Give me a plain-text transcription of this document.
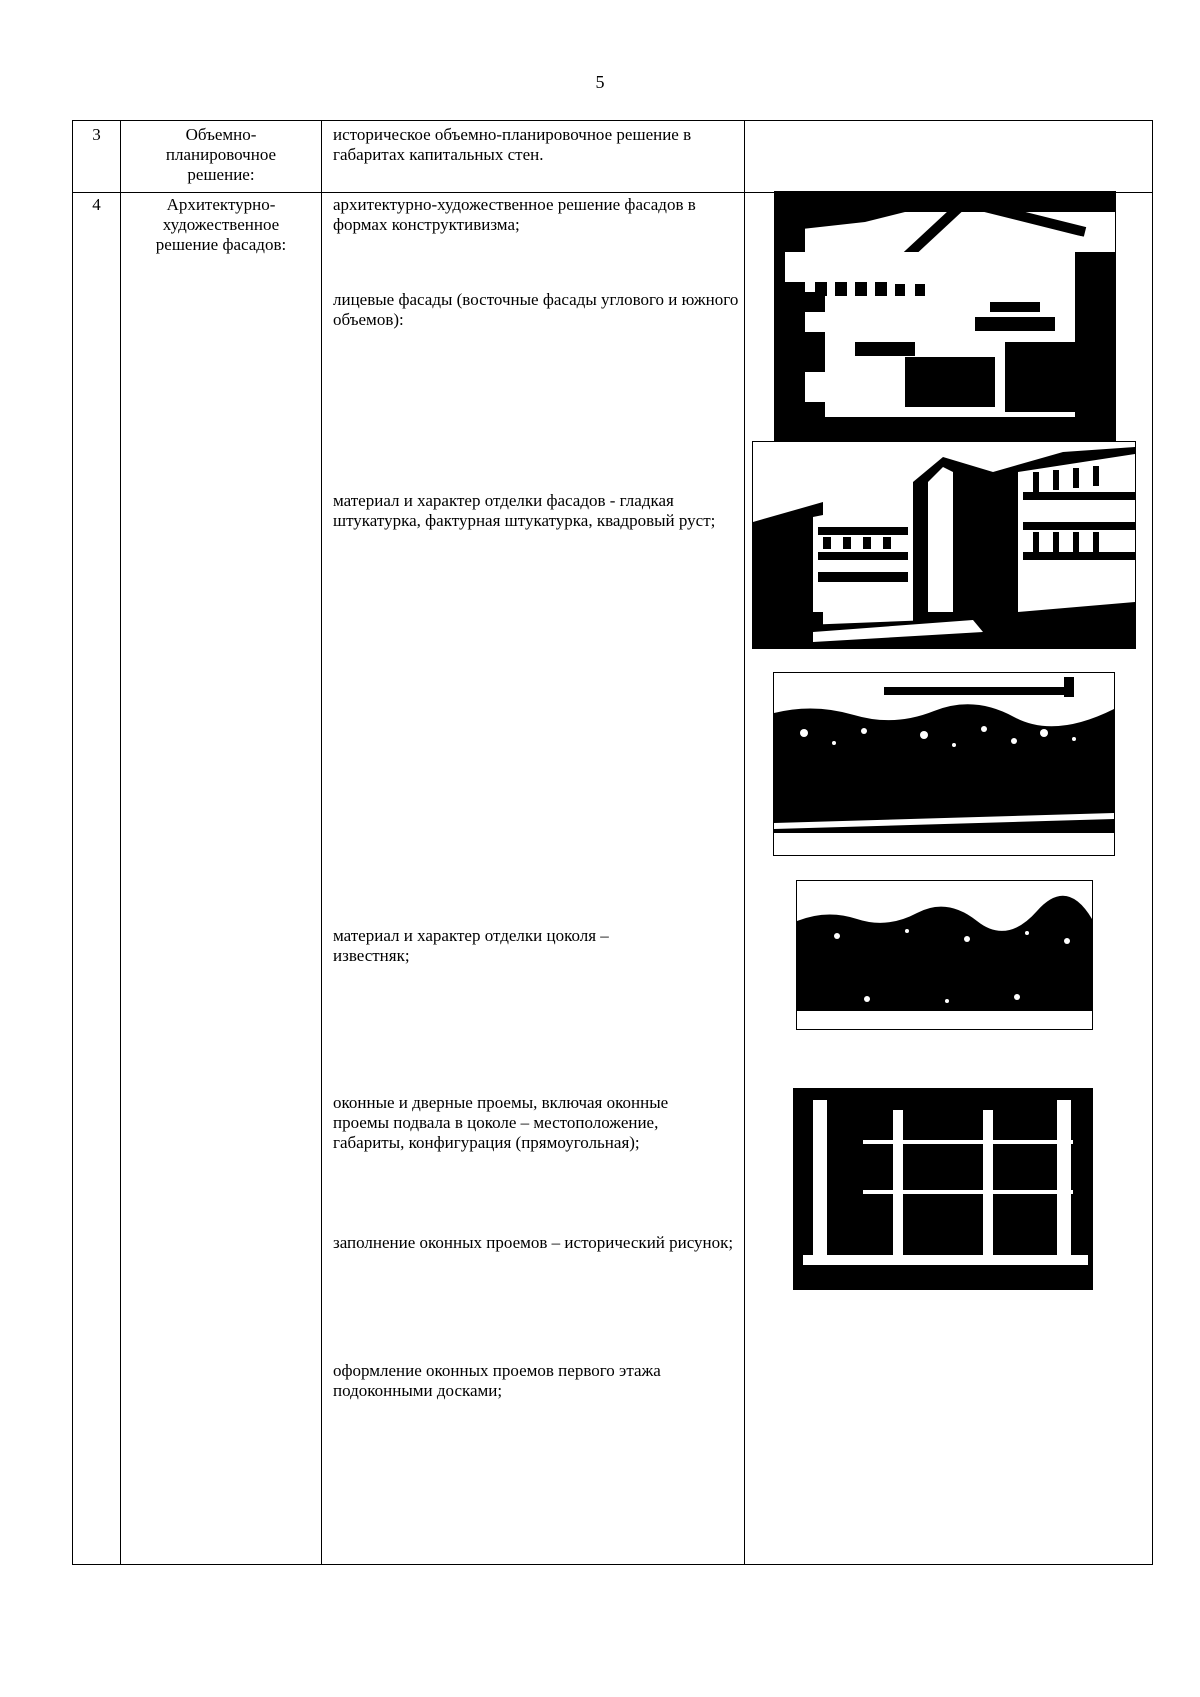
5
3	Объемно-планировочное решение:
историческое объемно-планировочное решение в габаритах капитальных стен.
4	Архитектурно-художественное решение фасадов:
архитектурно-художественное решение фасадов в формах конструктивизма;
лицевые фасады (восточные фасады углового и южного объемов):
материал и характер отделки фасадов - гладкая штукатурка, фактурная штукатурка, квадровый руст;
материал и характер отделки цоколя – известняк;
оконные и дверные проемы, включая оконные проемы подвала в цоколе – местоположение, габариты, конфигурация (прямоугольная);
заполнение оконных проемов – исторический рисунок;
оформление оконных проемов первого этажа подоконными досками;
